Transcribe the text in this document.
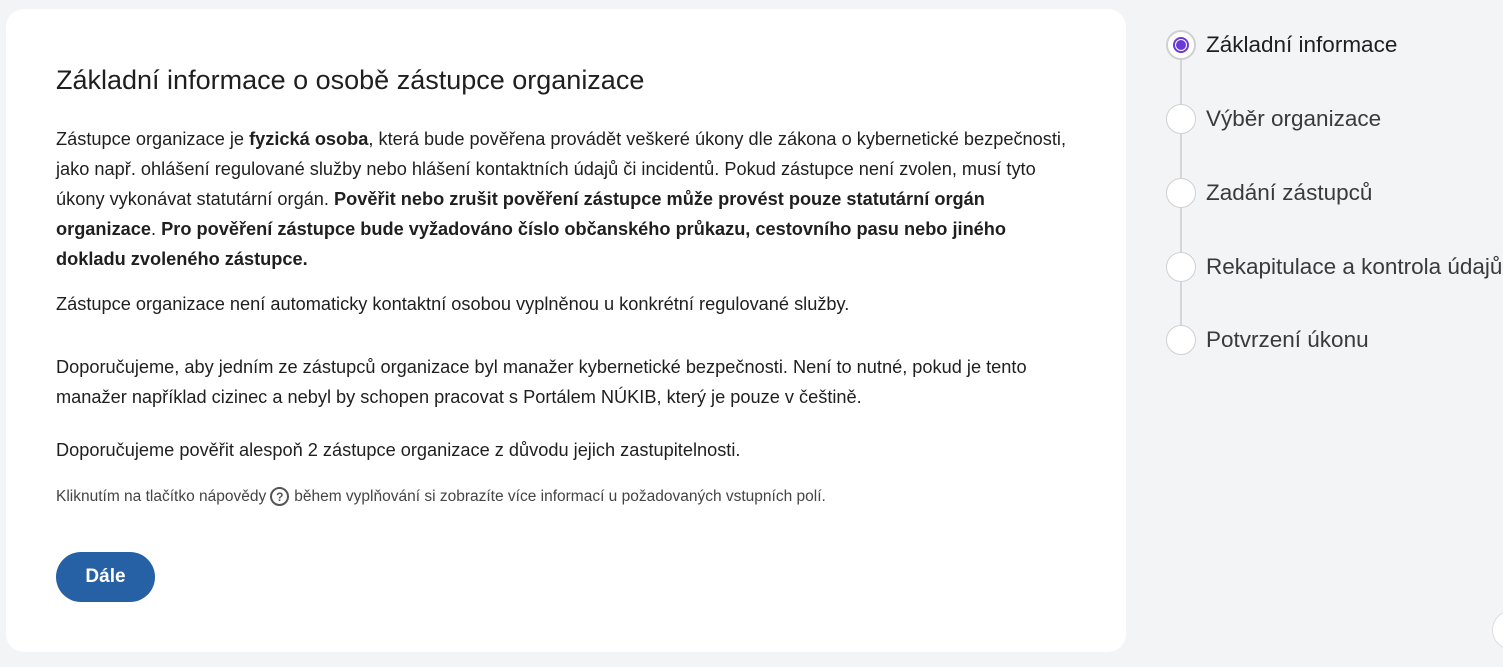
Základní informace o osobě zástupce organizace

Zástupce organizace je fyzická osoba, která bude pověřena provádět veškeré úkony dle zákona o kybernetické bezpečnosti, jako např. ohlášení regulované služby nebo hlášení kontaktních údajů či incidentů. Pokud zástupce není zvolen, musí tyto úkony vykonávat statutární orgán. Pověřit nebo zrušit pověření zástupce může provést pouze statutární orgán organizace. Pro pověření zástupce bude vyžadováno číslo občanského průkazu, cestovního pasu nebo jiného dokladu zvoleného zástupce.

Zástupce organizace není automaticky kontaktní osobou vyplněnou u konkrétní regulované služby.

Doporučujeme, aby jedním ze zástupců organizace byl manažer kybernetické bezpečnosti. Není to nutné, pokud je tento manažer například cizinec a nebyl by schopen pracovat s Portálem NÚKIB, který je pouze v češtině.

Doporučujeme pověřit alespoň 2 zástupce organizace z důvodu jejich zastupitelnosti.

Kliknutím na tlačítko nápovědy ? během vyplňování si zobrazíte více informací u požadovaných vstupních polí.
Dále
Základní informace
Výběr organizace
Zadání zástupců
Rekapitulace a kontrola údajů
Potvrzení úkonu
